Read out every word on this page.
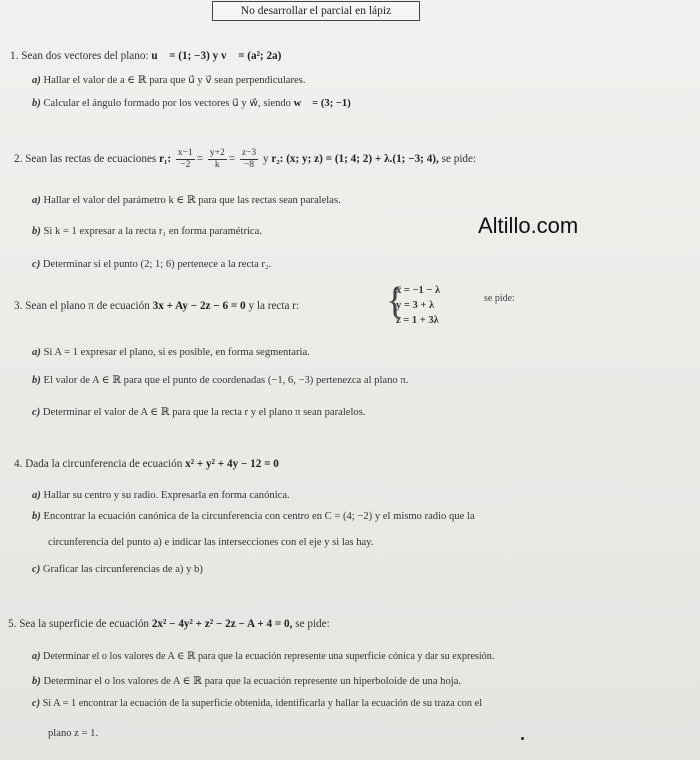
No desarrollar el parcial en lápiz
Altillo.com
1. Sean dos vectores del plano: u⃗ = (1; −3) y v⃗ = (a²; 2a)
a) Hallar el valor de a ∈ ℝ para que u⃗ y v⃗ sean perpendiculares.
b) Calcular el ángulo formado por los vectores u⃗ y w⃗, siendo w⃗ = (3; −1)
2. Sean las rectas de ecuaciones r₁: $\frac{x-1}{-2} = \frac{y+2}{k} = \frac{z-3}{-8}$ y r₂: (x; y; z) = (1; 4; 2) + λ.(1; −3; 4), se pide:
a) Hallar el valor del parámetro k ∈ ℝ para que las rectas sean paralelas.
b) Si k = 1 expresar a la recta r₁ en forma paramétrica.
c) Determinar si el punto (2; 1; 6) pertenece a la recta r₂.
3. Sean el plano π de ecuación 3x + Ay − 2z − 6 = 0 y la recta r: {
x = −1 − λ
y = 3 + λ
z = 1 + 3λ
se pide:
a) Si A = 1 expresar el plano, si es posible, en forma segmentaria.
b) El valor de A ∈ ℝ para que el punto de coordenadas (−1, 6, −3) pertenezca al plano π.
c) Determinar el valor de A ∈ ℝ para que la recta r y el plano π sean paralelos.
4. Dada la circunferencia de ecuación x² + y² + 4y − 12 = 0
a) Hallar su centro y su radio. Expresarla en forma canónica.
b) Encontrar la ecuación canónica de la circunferencia con centro en C = (4; −2) y el mismo radio que la
circunferencia del punto a) e indicar las intersecciones con el eje y si las hay.
c) Graficar las circunferencias de a) y b)
5. Sea la superficie de ecuación 2x² − 4y² + z² − 2z − A + 4 = 0, se pide:
a) Determinar el o los valores de A ∈ ℝ para que la ecuación represente una superficie cónica y dar su expresión.
b) Determinar el o los valores de A ∈ ℝ para que la ecuación represente un hiperboloide de una hoja.
c) Si A = 1 encontrar la ecuación de la superficie obtenida, identificarla y hallar la ecuación de su traza con el
plano z = 1.
